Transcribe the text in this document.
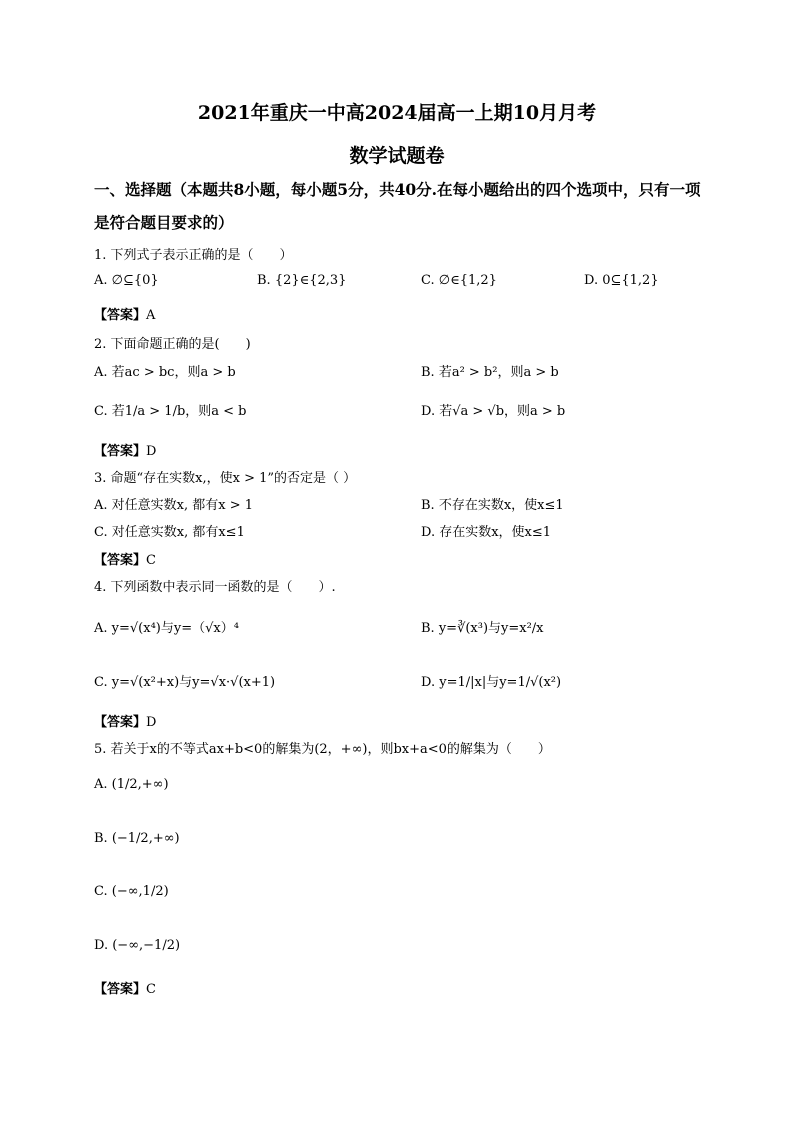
2021年重庆一中高2024届高一上期10月月考
数学试题卷
一、选择题（本题共8小题，每小题5分，共40分.在每小题给出的四个选项中，只有一项是符合题目要求的）
1. 下列式子表示正确的是（　　）
A. ∅⊆{0}	B. {2}∈{2,3}	C. ∅∈{1,2}	D. 0⊆{1,2}
【答案】A
2. 下面命题正确的是(　　)
A. 若ac > bc，则a > b	B. 若a² > b²，则a > b
C. 若1/a > 1/b，则a < b	D. 若√a > √b，则a > b
【答案】D
3. 命题“存在实数x,，使x > 1”的否定是（ ）
A. 对任意实数x, 都有x > 1	B. 不存在实数x，使x≤1
C. 对任意实数x, 都有x≤1	D. 存在实数x，使x≤1
【答案】C
4. 下列函数中表示同一函数的是（　　）.
A. y=√(x⁴)与y=（√x）⁴	B. y=∛(x³)与y=x²/x
C. y=√(x²+x)与y=√x·√(x+1)	D. y=1/|x|与y=1/√(x²)
【答案】D
5. 若关于x的不等式ax+b<0的解集为(2，+∞)，则bx+a<0的解集为（　　）
A. (1/2,+∞)
B. (−1/2,+∞)
C. (−∞,1/2)
D. (−∞,−1/2)
【答案】C
